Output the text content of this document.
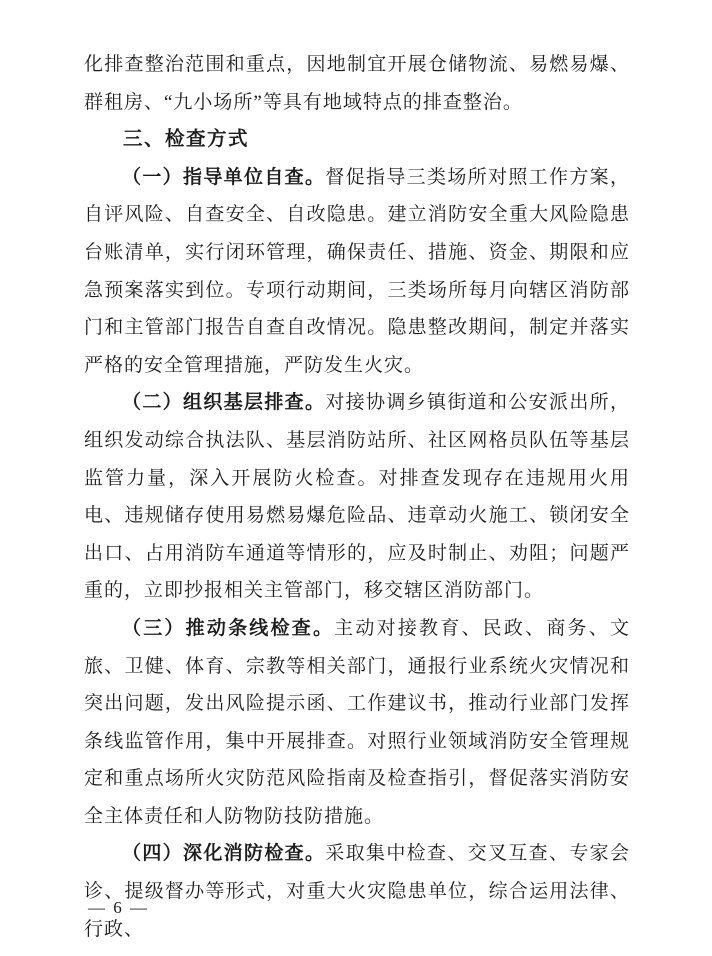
化排查整治范围和重点，因地制宜开展仓储物流、易燃易爆、群租房、“九小场所”等具有地域特点的排查整治。

三、检查方式

（一）指导单位自查。督促指导三类场所对照工作方案，自评风险、自查安全、自改隐患。建立消防安全重大风险隐患台账清单，实行闭环管理，确保责任、措施、资金、期限和应急预案落实到位。专项行动期间，三类场所每月向辖区消防部门和主管部门报告自查自改情况。隐患整改期间，制定并落实严格的安全管理措施，严防发生火灾。

（二）组织基层排查。对接协调乡镇街道和公安派出所，组织发动综合执法队、基层消防站所、社区网格员队伍等基层监管力量，深入开展防火检查。对排查发现存在违规用火用电、违规储存使用易燃易爆危险品、违章动火施工、锁闭安全出口、占用消防车通道等情形的，应及时制止、劝阻；问题严重的，立即抄报相关主管部门，移交辖区消防部门。

（三）推动条线检查。主动对接教育、民政、商务、文旅、卫健、体育、宗教等相关部门，通报行业系统火灾情况和突出问题，发出风险提示函、工作建议书，推动行业部门发挥条线监管作用，集中开展排查。对照行业领域消防安全管理规定和重点场所火灾防范风险指南及检查指引，督促落实消防安全主体责任和人防物防技防措施。

（四）深化消防检查。采取集中检查、交叉互查、专家会诊、提级督办等形式，对重大火灾隐患单位，综合运用法律、行政、

— 6 —
